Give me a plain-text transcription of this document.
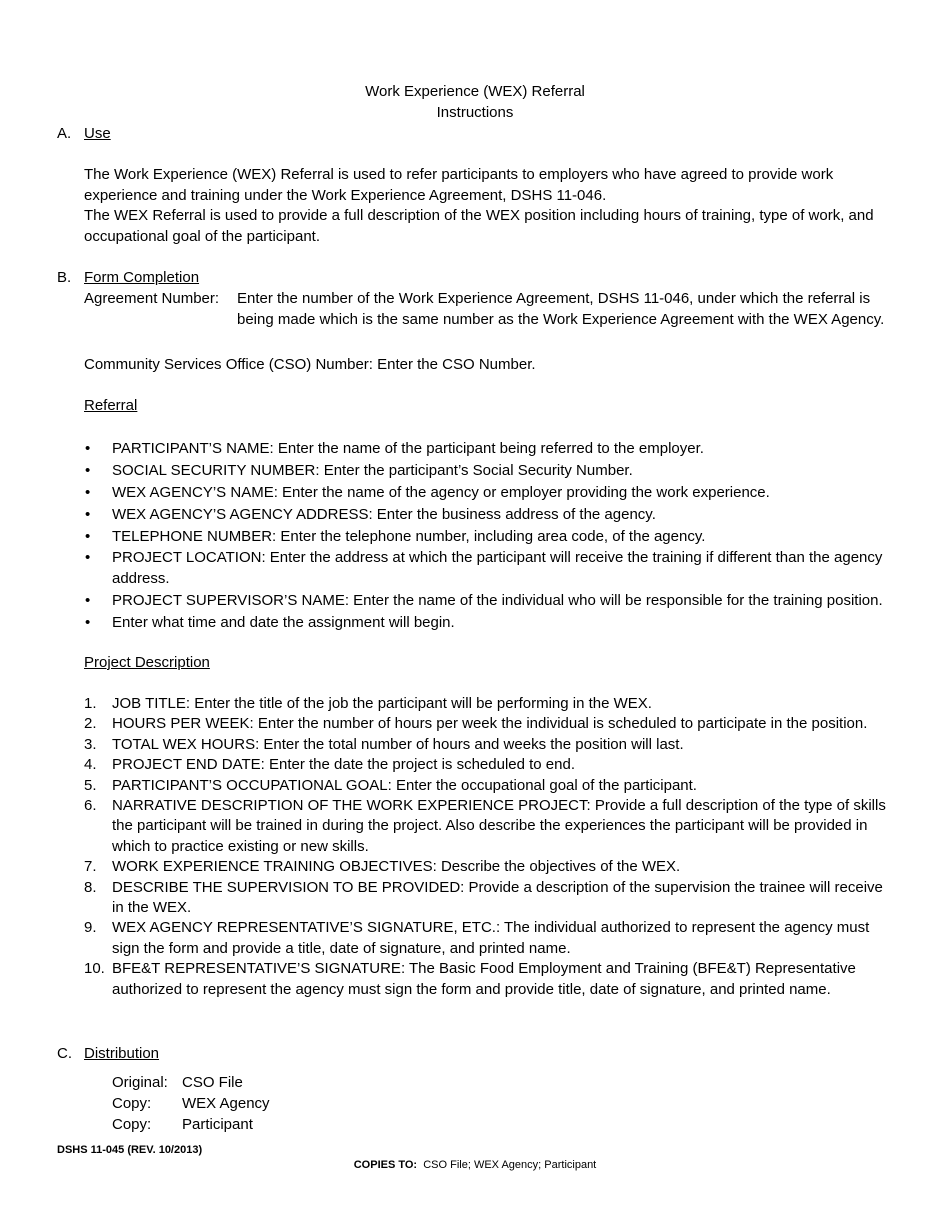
Work Experience (WEX) Referral
Instructions
A. Use
The Work Experience (WEX) Referral is used to refer participants to employers who have agreed to provide work experience and training under the Work Experience Agreement, DSHS 11-046.
The WEX Referral is used to provide a full description of the WEX position including hours of training, type of work, and occupational goal of the participant.
B. Form Completion
Agreement Number: Enter the number of the Work Experience Agreement, DSHS 11-046, under which the referral is being made which is the same number as the Work Experience Agreement with the WEX Agency.
Community Services Office (CSO) Number: Enter the CSO Number.
Referral
• PARTICIPANT’S NAME: Enter the name of the participant being referred to the employer.
• SOCIAL SECURITY NUMBER: Enter the participant’s Social Security Number.
• WEX AGENCY’S NAME: Enter the name of the agency or employer providing the work experience.
• WEX AGENCY’S AGENCY ADDRESS: Enter the business address of the agency.
• TELEPHONE NUMBER: Enter the telephone number, including area code, of the agency.
• PROJECT LOCATION: Enter the address at which the participant will receive the training if different than the agency address.
• PROJECT SUPERVISOR’S NAME: Enter the name of the individual who will be responsible for the training position.
• Enter what time and date the assignment will begin.
Project Description
1. JOB TITLE: Enter the title of the job the participant will be performing in the WEX.
2. HOURS PER WEEK: Enter the number of hours per week the individual is scheduled to participate in the position.
3. TOTAL WEX HOURS: Enter the total number of hours and weeks the position will last.
4. PROJECT END DATE: Enter the date the project is scheduled to end.
5. PARTICIPANT’S OCCUPATIONAL GOAL: Enter the occupational goal of the participant.
6. NARRATIVE DESCRIPTION OF THE WORK EXPERIENCE PROJECT: Provide a full description of the type of skills the participant will be trained in during the project. Also describe the experiences the participant will be provided in which to practice existing or new skills.
7. WORK EXPERIENCE TRAINING OBJECTIVES: Describe the objectives of the WEX.
8. DESCRIBE THE SUPERVISION TO BE PROVIDED: Provide a description of the supervision the trainee will receive in the WEX.
9. WEX AGENCY REPRESENTATIVE’S SIGNATURE, ETC.: The individual authorized to represent the agency must sign the form and provide a title, date of signature, and printed name.
10. BFE&T REPRESENTATIVE’S SIGNATURE: The Basic Food Employment and Training (BFE&T) Representative authorized to represent the agency must sign the form and provide title, date of signature, and printed name.
C. Distribution
Original: CSO File
Copy: WEX Agency
Copy: Participant
DSHS 11-045 (REV. 10/2013)
COPIES TO: CSO File; WEX Agency; Participant
